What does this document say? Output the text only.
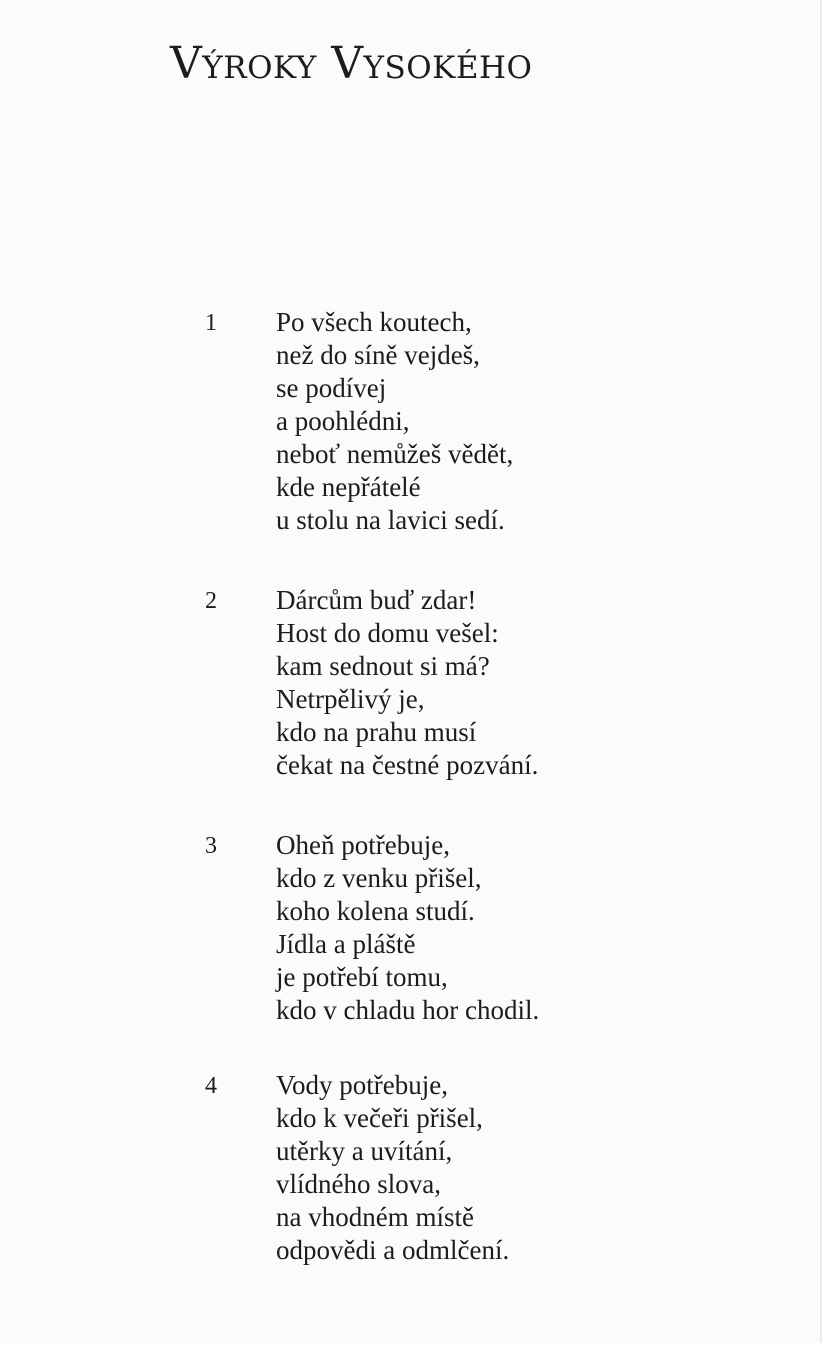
Výroky Vysokého
1 Po všech koutech,
než do síně vejdeš,
se podívej
a poohlédni,
neboť nemůžeš vědět,
kde nepřátelé
u stolu na lavici sedí.
2 Dárcům buď zdar!
Host do domu vešel:
kam sednout si má?
Netrpělivý je,
kdo na prahu musí
čekat na čestné pozvání.
3 Oheň potřebuje,
kdo z venku přišel,
koho kolena studí.
Jídla a pláště
je potřebí tomu,
kdo v chladu hor chodil.
4 Vody potřebuje,
kdo k večeři přišel,
utěrky a uvítání,
vlídného slova,
na vhodném místě
odpovědi a odmlčení.
